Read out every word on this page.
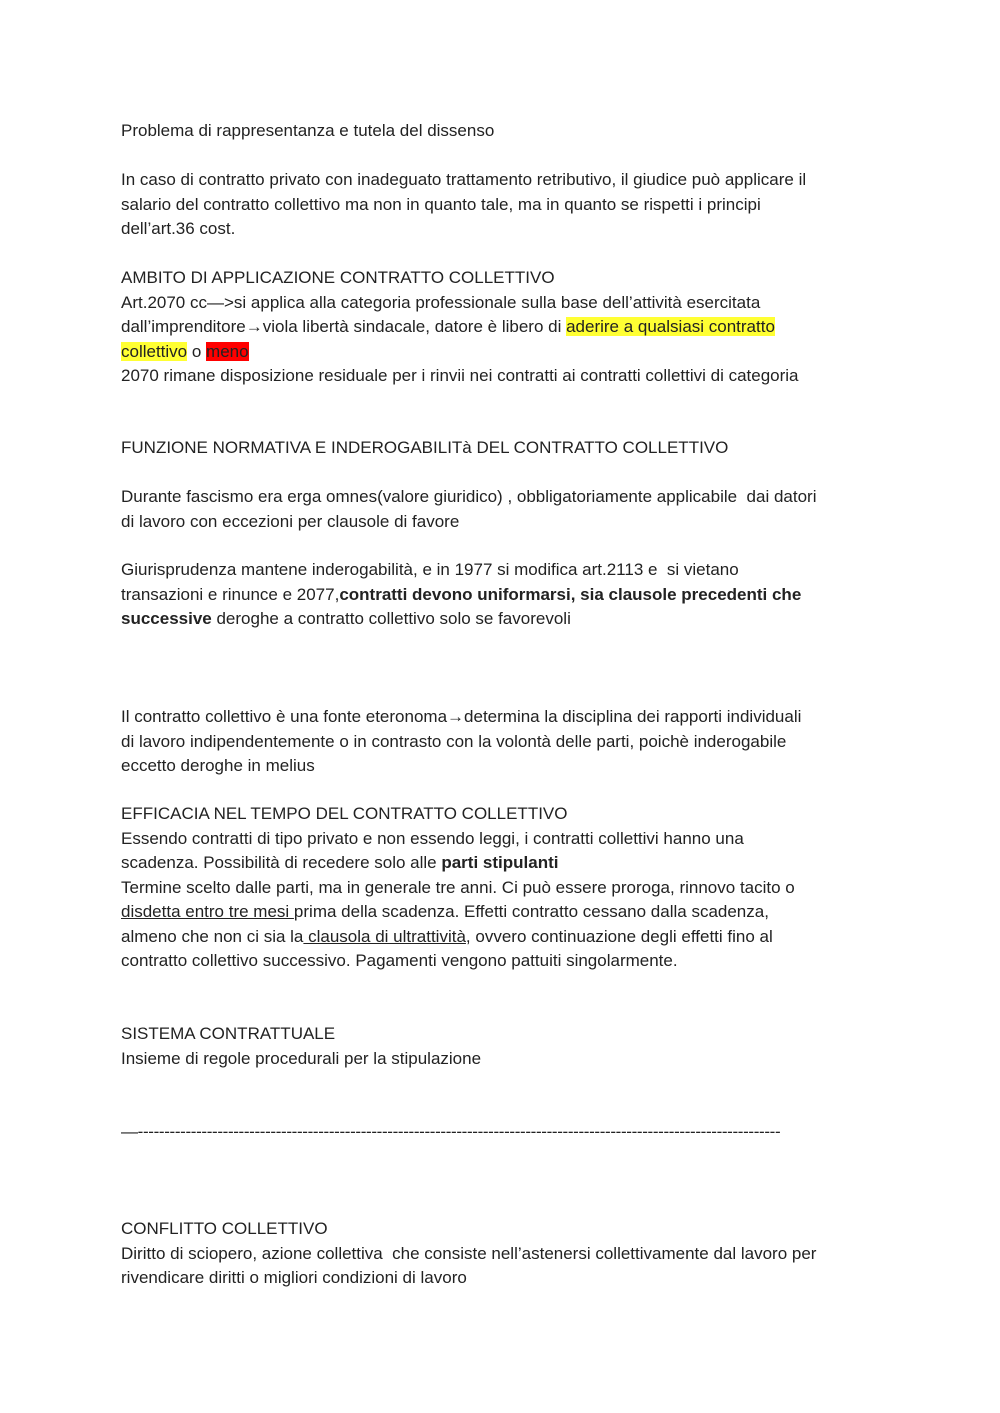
Problema di rappresentanza e tutela del dissenso
In caso di contratto privato con inadeguato trattamento retributivo, il giudice può applicare il
salario del contratto collettivo ma non in quanto tale, ma in quanto se rispetti i principi
dell’art.36 cost.
AMBITO DI APPLICAZIONE CONTRATTO COLLETTIVO
Art.2070 cc—>si applica alla categoria professionale sulla base dell’attività esercitata
dall’imprenditore→viola libertà sindacale, datore è libero di aderire a qualsiasi contratto
collettivo o meno
2070 rimane disposizione residuale per i rinvii nei contratti ai contratti collettivi di categoria
FUNZIONE NORMATIVA E INDEROGABILITà DEL CONTRATTO COLLETTIVO
Durante fascismo era erga omnes(valore giuridico) , obbligatoriamente applicabile  dai datori
di lavoro con eccezioni per clausole di favore
Giurisprudenza mantene inderogabilità, e in 1977 si modifica art.2113 e  si vietano
transazioni e rinunce e 2077,contratti devono uniformarsi, sia clausole precedenti che
successive deroghe a contratto collettivo solo se favorevoli
Il contratto collettivo è una fonte eteronoma→determina la disciplina dei rapporti individuali
di lavoro indipendentemente o in contrasto con la volontà delle parti, poichè inderogabile
eccetto deroghe in melius
EFFICACIA NEL TEMPO DEL CONTRATTO COLLETTIVO
Essendo contratti di tipo privato e non essendo leggi, i contratti collettivi hanno una
scadenza. Possibilità di recedere solo alle parti stipulanti
Termine scelto dalle parti, ma in generale tre anni. Ci può essere proroga, rinnovo tacito o
disdetta entro tre mesi prima della scadenza. Effetti contratto cessano dalla scadenza,
almeno che non ci sia la clausola di ultrattività, ovvero continuazione degli effetti fino al
contratto collettivo successivo. Pagamenti vengono pattuiti singolarmente.
SISTEMA CONTRATTUALE
Insieme di regole procedurali per la stipulazione
—-------------------------------------------------------------------------------------------------------------------------
CONFLITTO COLLETTIVO
Diritto di sciopero, azione collettiva  che consiste nell’astenersi collettivamente dal lavoro per
rivendicare diritti o migliori condizioni di lavoro
